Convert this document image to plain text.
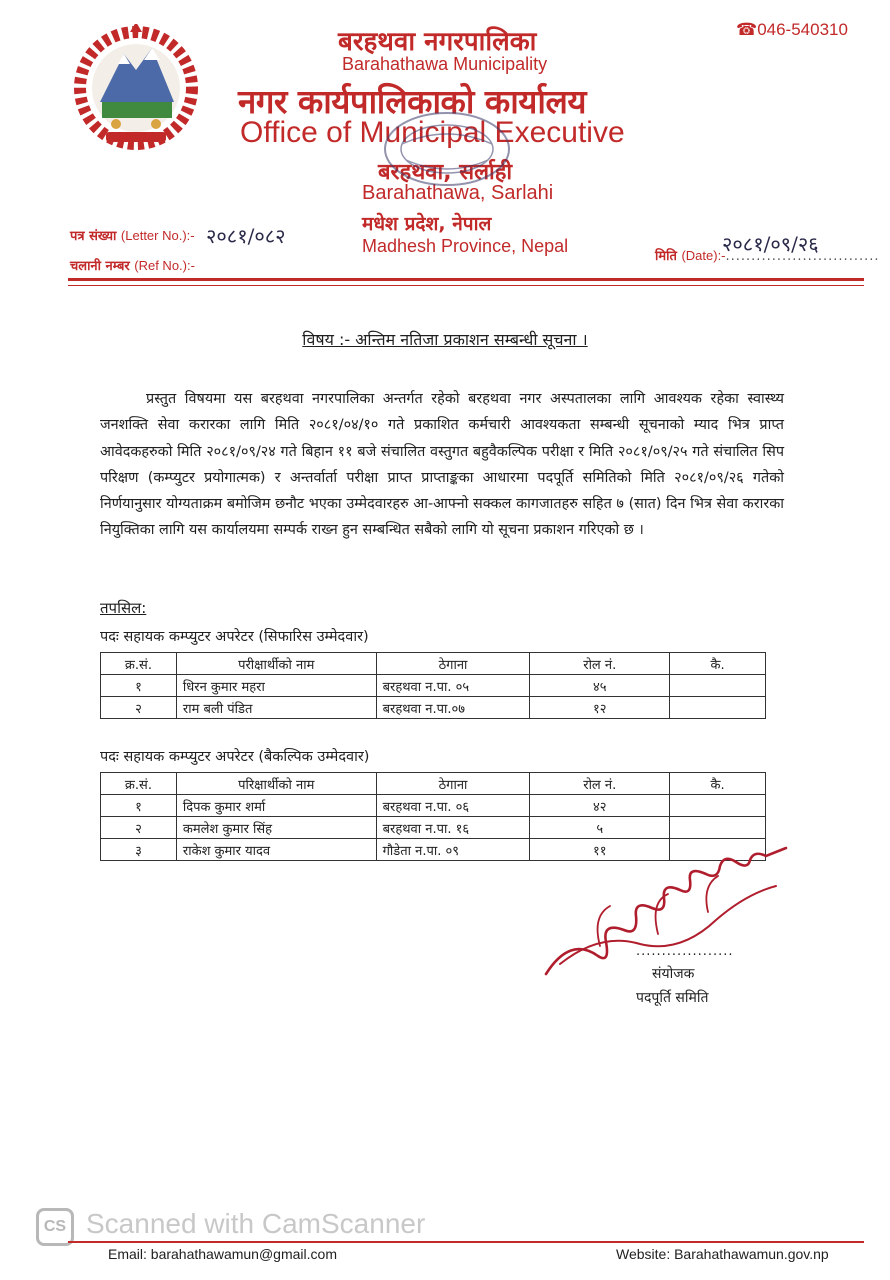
☎046-540310
बरहथवा नगरपालिका
Barahathawa Municipality
नगर कार्यपालिकाको कार्यालय
Office of Municipal Executive
बरहथवा, सर्लाही
Barahathawa, Sarlahi
मधेश प्रदेश, नेपाल
Madhesh Province, Nepal
पत्र संख्या (Letter No.):- २०८१/०८२
चलानी नम्बर (Ref No.):-
२०८१/०९/२६
मिति (Date):-..............................
विषय :- अन्तिम नतिजा प्रकाशन सम्बन्धी सूचना ।
प्रस्तुत विषयमा यस बरहथवा नगरपालिका अन्तर्गत रहेको बरहथवा नगर अस्पतालका लागि आवश्यक रहेका स्वास्थ्य जनशक्ति सेवा करारका लागि मिति २०८१/०४/१० गते प्रकाशित कर्मचारी आवश्यकता सम्बन्धी सूचनाको म्याद भित्र प्राप्त आवेदकहरुको मिति २०८१/०९/२४ गते बिहान ११ बजे संचालित वस्तुगत बहुवैकल्पिक परीक्षा र मिति २०८१/०९/२५ गते संचालित सिप परिक्षण (कम्प्युटर प्रयोगात्मक) र अन्तर्वार्ता परीक्षा प्राप्त प्राप्ताङ्कका आधारमा पदपूर्ति समितिको मिति २०८१/०९/२६ गतेको निर्णयानुसार योग्यताक्रम बमोजिम छनौट भएका उम्मेदवारहरु आ-आफ्नो सक्कल कागजातहरु सहित ७ (सात) दिन भित्र सेवा करारका नियुक्तिका लागि यस कार्यालयमा सम्पर्क राख्न हुन सम्बन्धित सबैको लागि यो सूचना प्रकाशन गरिएको छ ।
तपसिल:
पदः सहायक कम्प्युटर अपरेटर (सिफारिस उम्मेदवार)
क्र.सं.	परीक्षार्थीको नाम	ठेगाना	रोल नं.	कै.
१	धिरन कुमार महरा	बरहथवा न.पा. ०५	४५	
२	राम बली पंडित	बरहथवा न.पा.०७	१२	
पदः सहायक कम्प्युटर अपरेटर (बैकल्पिक उम्मेदवार)
क्र.सं.	परिक्षार्थीको नाम	ठेगाना	रोल नं.	कै.
१	दिपक कुमार शर्मा	बरहथवा न.पा. ०६	४२	
२	कमलेश कुमार सिंह	बरहथवा न.पा. १६	५	
३	राकेश कुमार यादव	गौडेता न.पा. ०९	११	
...................
संयोजक
पदपूर्ति समिति
CS Scanned with CamScanner
Email: barahathawamun@gmail.com	Website: Barahathawamun.gov.np
